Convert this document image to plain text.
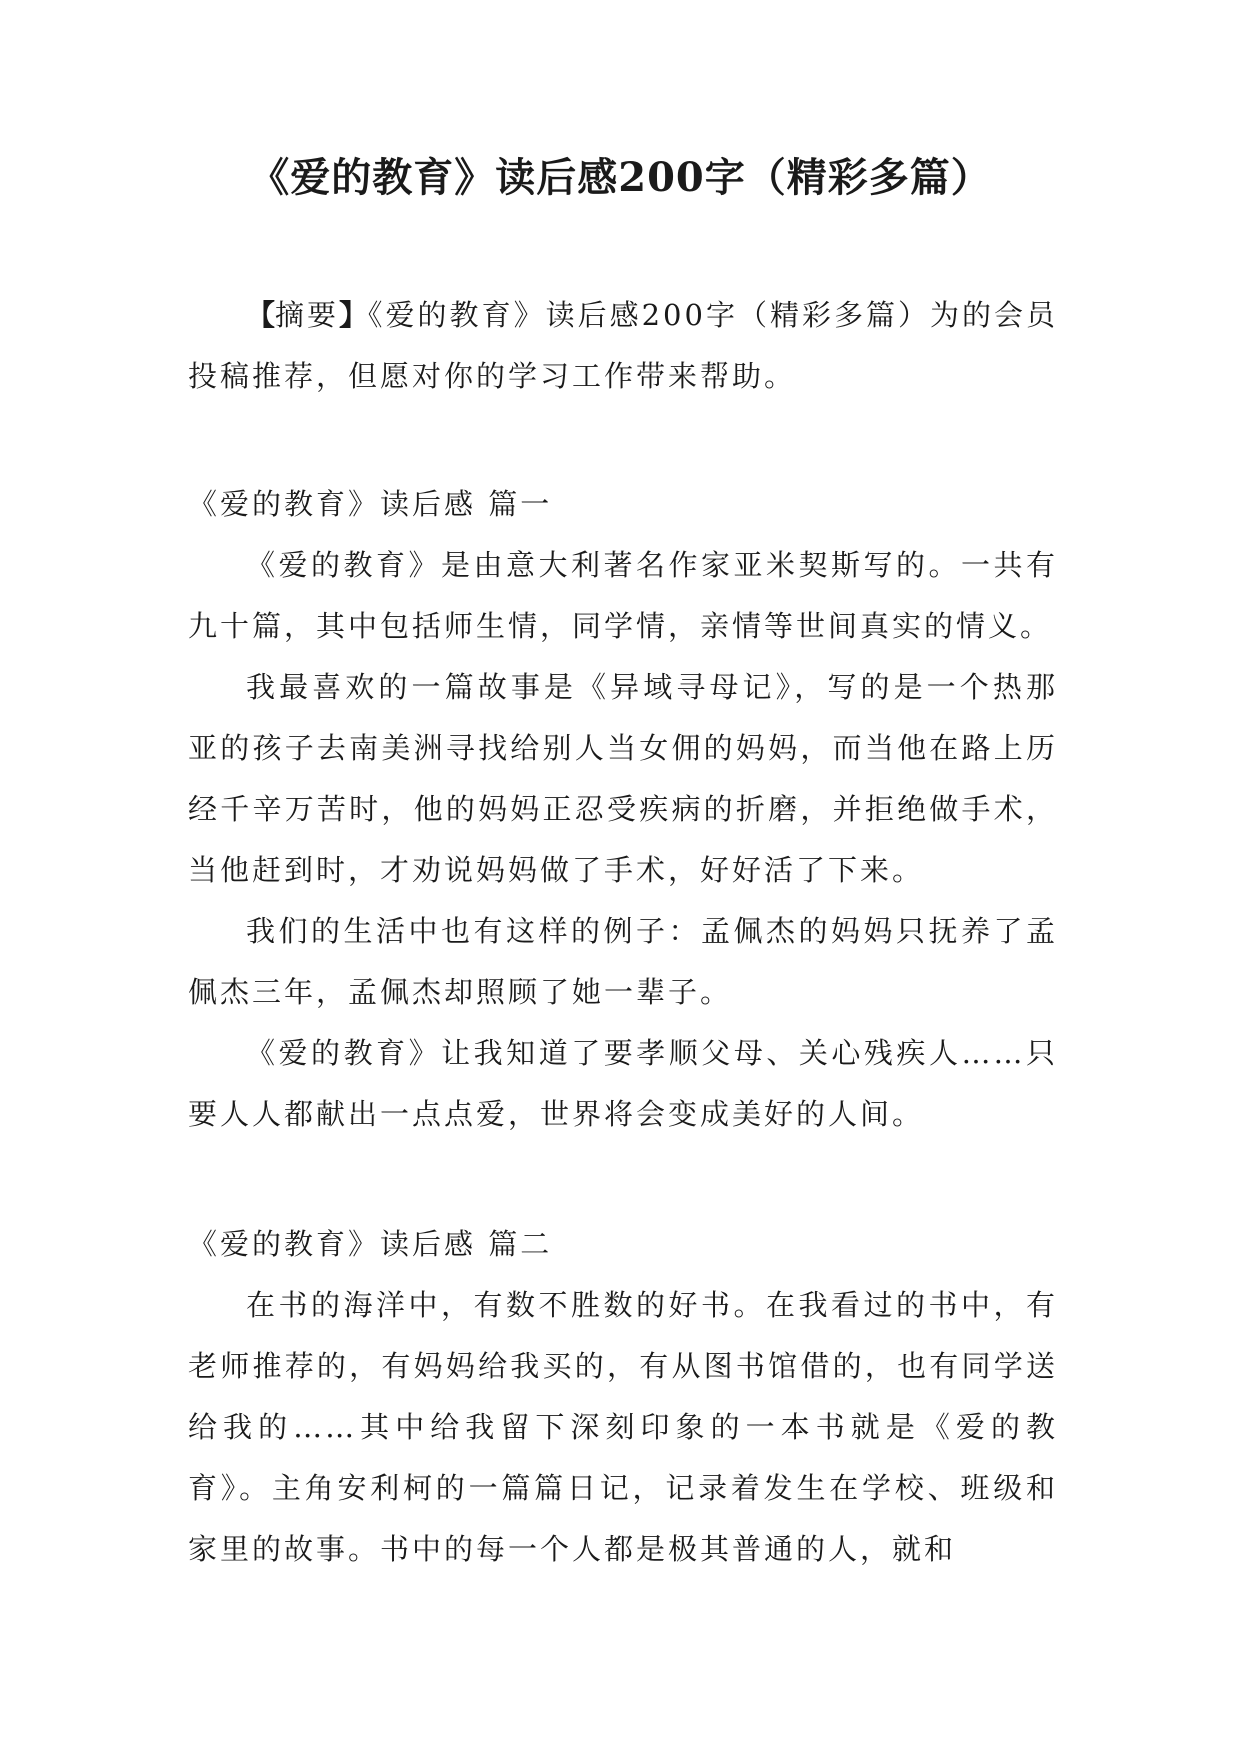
《爱的教育》读后感200字（精彩多篇）

【摘要】《爱的教育》读后感200字（精彩多篇）为的会员投稿推荐，但愿对你的学习工作带来帮助。

《爱的教育》读后感 篇一

《爱的教育》是由意大利著名作家亚米契斯写的。一共有九十篇，其中包括师生情，同学情，亲情等世间真实的情义。

我最喜欢的一篇故事是《异域寻母记》，写的是一个热那亚的孩子去南美洲寻找给别人当女佣的妈妈，而当他在路上历经千辛万苦时，他的妈妈正忍受疾病的折磨，并拒绝做手术，当他赶到时，才劝说妈妈做了手术，好好活了下来。

我们的生活中也有这样的例子：孟佩杰的妈妈只抚养了孟佩杰三年，孟佩杰却照顾了她一辈子。

《爱的教育》让我知道了要孝顺父母、关心残疾人……只要人人都献出一点点爱，世界将会变成美好的人间。

《爱的教育》读后感 篇二

在书的海洋中，有数不胜数的好书。在我看过的书中，有老师推荐的，有妈妈给我买的，有从图书馆借的，也有同学送给我的……其中给我留下深刻印象的一本书就是《爱的教育》。主角安利柯的一篇篇日记，记录着发生在学校、班级和家里的故事。书中的每一个人都是极其普通的人，就和
